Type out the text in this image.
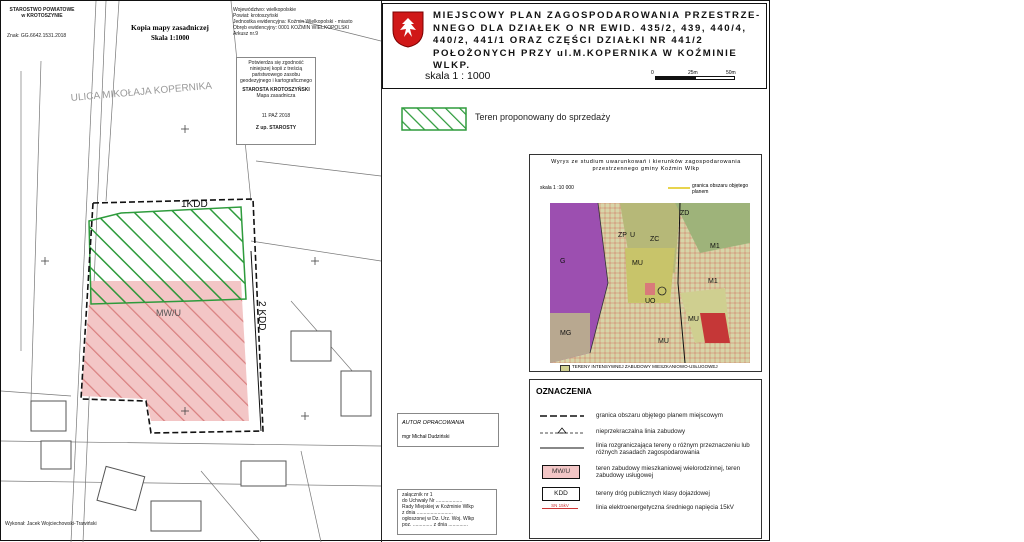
ULICA MIKOŁAJA KOPERNIKA
1KDD
2 KDD
MW/U
STAROSTWO POWIATOWE w KROTOSZYNIE
Znak: GG.6642.1531.2018
Kopia mapy zasadniczej
Skala 1:1000
Województwo: wielkopolskie
Powiat: krotoszyński
Jednostka ewidencyjna: Koźmin Wielkopolski - miasto
Obręb ewidencyjny: 0001 KOŹMIN WIELKOPOLSKI
Arkusz nr.9
Potwierdza się zgodność niniejszej kopii z treścią państwowego zasobu geodezyjnego i kartograficznego
STAROSTA KROTOSZYŃSKI
Mapa zasadnicza
11 PAŹ 2018
Z up. STAROSTY
Wykonał: Jacek Wojciechowski-Trawiński
MIEJSCOWY PLAN ZAGOSPODAROWANIA PRZESTRZE- NNEGO DLA DZIAŁEK O NR EWID. 435/2, 439, 440/4, 440/2, 441/1 ORAZ CZĘŚCI DZIAŁKI NR 441/2 POŁOŻONYCH PRZY ul.M.KOPERNIKA W KOŹMINIE WLKP.
skala 1 : 1000	0	25m	50m
Teren proponowany do sprzedaży
Wyrys ze studium uwarunkowań i kierunków zagospodarowania przestrzennego gminy Koźmin Wlkp
skala 1 :10 000	granica obszaru objętego planem
ZD
ZC
ZP U
MU
M1
G
MG
UO
MU
M1
MU
TERENY INTENSYWNEJ ZABUDOWY MIESZKANIOWO-USŁUGOWEJ
OZNACZENIA
granica obszaru objętego planem miejscowym
nieprzekraczalna linia zabudowy
linia rozgraniczająca tereny o różnym przeznaczeniu lub różnych zasadach zagospodarowania
MW/U	teren zabudowy mieszkaniowej wielorodzinnej, teren zabudowy usługowej
KDD	tereny dróg publicznych klasy dojazdowej
SN 15kV	linia elektroenergetyczna średniego napięcia 15kV
AUTOR OPRACOWANIA
mgr Michał Dudziński
załącznik nr 1
do Uchwały Nr ...................
Rady Miejskiej w Koźminie Wlkp
z dnia ..........................
ogłoszonej w Dz. Urz. Woj. Wlkp
poz. .............. z dnia ..............
